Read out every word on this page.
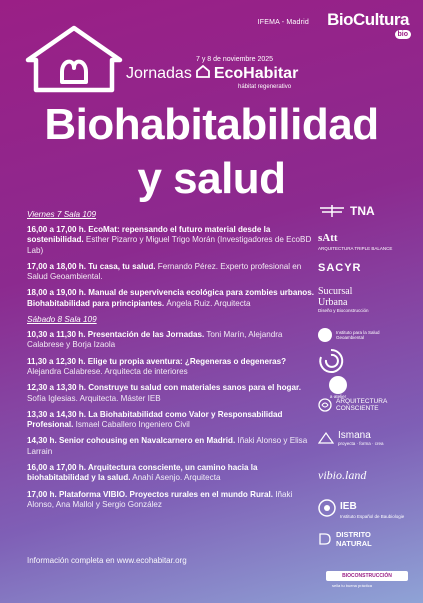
IFEMA - Madrid BioCultura
bio
7 y 8 de noviembre 2025
Jornadas EcoHabitar
hábitat regenerativo
Biohabitabilidad
y salud
Viernes 7 Sala 109
16,00 a 17,00 h. EcoMat: repensando el futuro material desde la sostenibilidad. Esther Pizarro y Miguel Trigo Morán (Investigadores de EcoBD Lab)
17,00 a 18,00 h. Tu casa, tu salud. Fernando Pérez. Experto profesional en Salud Geoambiental.
18,00 a 19,00 h. Manual de supervivencia ecológica para zombies urbanos. Biohabitabilidad para principiantes. Ángela Ruiz. Arquitecta
Sábado 8 Sala 109
10,30 a 11,30 h. Presentación de las Jornadas. Toni Marín, Alejandra Calabrese y Borja Izaola
11,30 a 12,30 h. Elige tu propia aventura: ¿Regeneras o degeneras? Alejandra Calabrese. Arquitecta de interiores
12,30 a 13,30 h. Construye tu salud con materiales sanos para el hogar. Sofía Iglesias. Arquitecta. Máster IEB
13,30 a 14,30 h. La Biohabitabilidad como Valor y Responsabilidad Profesional. Ismael Caballero Ingeniero Civil
14,30 h. Senior cohousing en Navalcarnero en Madrid. Iñaki Alonso y Elisa Larrain
16,00 a 17,00 h. Arquitectura consciente, un camino hacia la biohabitabilidad y la salud. Anahí Asenjo. Arquitecta
17,00 h. Plataforma VIBIO. Proyectos rurales en el mundo Rural. Iñaki Alonso, Ana Mallol y Sergio González
Información completa en www.ecohabitar.org
TNA
sAtt
ARQUITECTURA TRIPLE BALANCE
SACYR
Sucursal
Urbana
Diseño y Bioconstrucción
Instituto para la Salud Geoambiental
a·atelier
ARQUITECTURA
CONSCIENTE
Ismana
proyecta · forma · crea
vibio.land
IEB
Instituto Español de Baubiologie
DISTRITO
NATURAL
BIOCONSTRUCCIÓN
sella tu buena práctica
